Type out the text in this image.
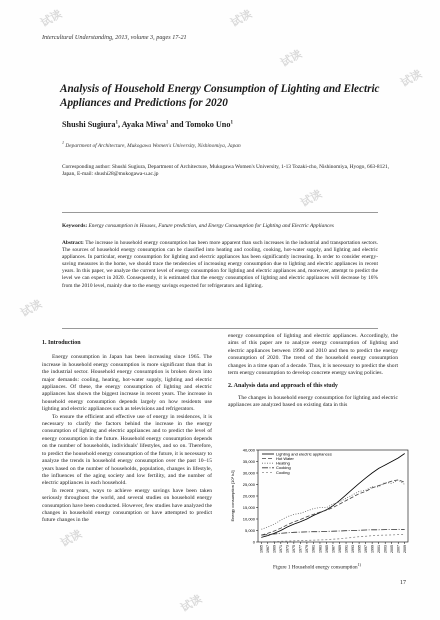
试读	试读
试读
试读
试读
试读
试读
试读
Intercultural Understanding, 2013, volume 3, pages 17-21
Analysis of Household Energy Consumption of Lighting and Electric Appliances and Predictions for 2020
Shushi Sugiura$^1$, Ayaka Miwa$^1$ and Tomoko Uno$^1$
$^1$ Department of Architecture, Mukogawa Women's University, Nishinomiya, Japan
Corresponding author: Shushi Sugiura, Department of Architecture, Mukogawa Women's University, 1-13 Tozaki-cho, Nishinomiya, Hyogo, 663-8121, Japan, E-mail: shushi28@mukogawa-u.ac.jp
Keywords: Energy consumption in Houses, Future prediction, and Energy Consumption for Lighting and Electric Appliances
Abstract: The increase in household energy consumption has been more apparent than such increases in the industrial and transportation sectors. The sources of household energy consumption can be classified into heating and cooling, cooking, hot-water supply, and lighting and electric appliances. In particular, energy consumption for lighting and electric appliances has been significantly increasing. In order to consider energy-saving measures in the home, we should trace the tendencies of increasing energy consumption due to lighting and electric appliances in recent years. In this paper, we analyze the current level of energy consumption for lighting and electric appliances and, moreover, attempt to predict the level we can expect in 2020. Consequently, it is estimated that the energy consumption of lighting and electric appliances will decrease by 16% from the 2010 level, mainly due to the energy savings expected for refrigerators and lighting.

1. Introduction

Energy consumption in Japan has been increasing since 1965. The increase in household energy consumption is more significant than that in the industrial sector. Household energy consumption is broken down into major demands: cooling, heating, hot-water supply, lighting and electric appliances. Of these, the energy consumption of lighting and electric appliances has shown the biggest increase in recent years. The increase in household energy consumption depends largely on how residents use lighting and electric appliances such as televisions and refrigerators.

To ensure the efficient and effective use of energy in residences, it is necessary to clarify the factors behind the increase in the energy consumption of lighting and electric appliances and to predict the level of energy consumption in the future. Household energy consumption depends on the number of households, individuals' lifestyles, and so on. Therefore, to predict the household energy consumption of the future, it is necessary to analyze the trends in household energy consumption over the past 10–15 years based on the number of households, population, changes in lifestyle, the influences of the aging society and low fertility, and the number of electric appliances in each household.

In recent years, ways to achieve energy savings have been taken seriously throughout the world, and several studies on household energy consumption have been conducted. However, few studies have analyzed the changes in household energy consumption or have attempted to predict future changes in the

energy consumption of lighting and electric appliances. Accordingly, the aims of this paper are to analyze energy consumption of lighting and electric appliances between 1990 and 2010 and then to predict the energy consumption of 2020. The trend of the household energy consumption changes in a time span of a decade. Thus, it is necessary to predict the short term energy consumption to develop concrete energy saving policies.

2. Analysis data and approach of this study

The changes in household energy consumption for lighting and electric appliances are analyzed based on existing data in this

0
5,000
10,000
15,000
20,000
25,000
30,000
35,000
40,000
Energy consumption [10⁶ kJ]
1965 1967 1969 1971 1973 1975 1977 1979 1981 1983 1985 1987 1989 1991 1993 1995 1997 1999 2001 2003 2005 2007 2009
Lighting and electric appliances
Hot Water
Heating
Cooking
Cooling
Figure 1 Household energy consumption$^{1)}$
17
